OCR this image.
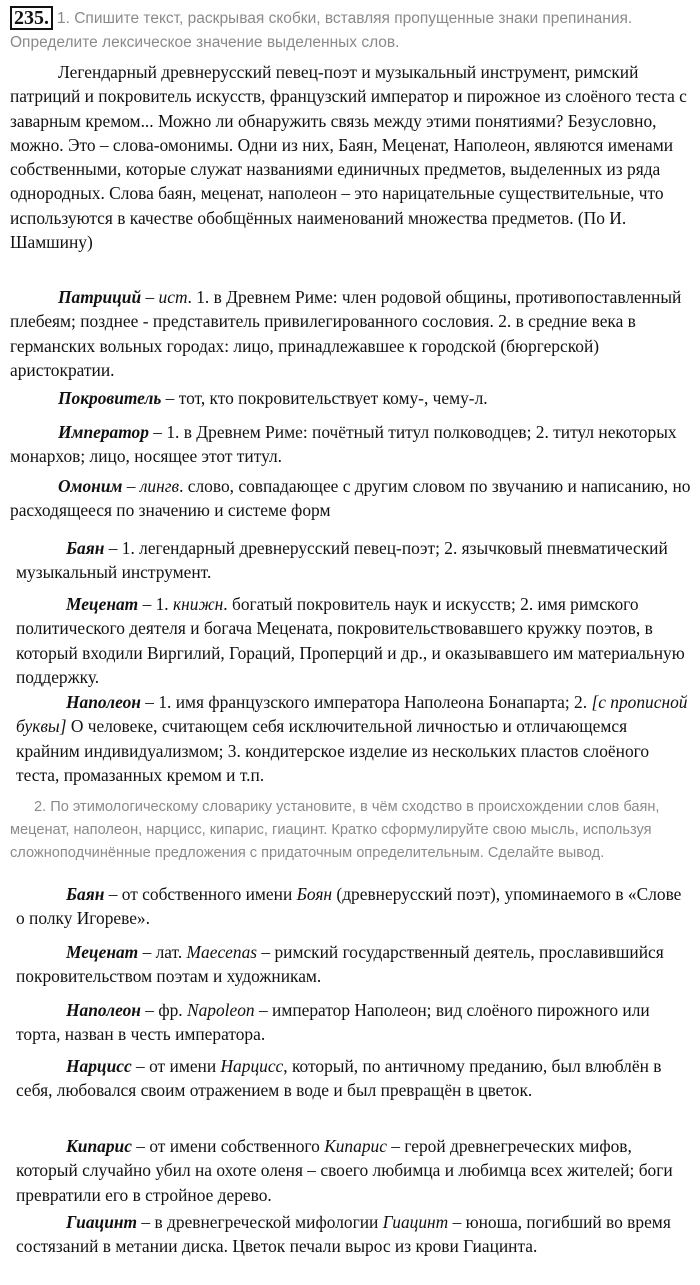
235. 1. Спишите текст, раскрывая скобки, вставляя пропущенные знаки препинания. Определите лексическое значение выделенных слов.
Легендарный древнерусский певец-поэт и музыкальный инструмент, римский патриций и покровитель искусств, французский император и пирожное из слоёного теста с заварным кремом... Можно ли обнаружить связь между этими понятиями? Безусловно, можно. Это – слова-омонимы. Одни из них, Баян, Меценат, Наполеон, являются именами собственными, которые служат названиями единичных предметов, выделенных из ряда однородных. Слова баян, меценат, наполеон – это нарицательные существительные, что используются в качестве обобщённых наименований множества предметов. (По И. Шамшину)
Патриций – ист. 1. в Древнем Риме: член родовой общины, противопоставленный плебеям; позднее - представитель привилегированного сословия. 2. в средние века в германских вольных городах: лицо, принадлежавшее к городской (бюргерской) аристократии.
Покровитель – тот, кто покровительствует кому-, чему-л.
Император – 1. в Древнем Риме: почётный титул полководцев; 2. титул некоторых монархов; лицо, носящее этот титул.
Омоним – лингв. слово, совпадающее с другим словом по звучанию и написанию, но расходящееся по значению и системе форм
Баян – 1. легендарный древнерусский певец-поэт; 2. язычковый пневматический музыкальный инструмент.
Меценат – 1. книжн. богатый покровитель наук и искусств; 2. имя римского политического деятеля и богача Мецената, покровительствовавшего кружку поэтов, в который входили Виргилий, Гораций, Проперций и др., и оказывавшего им материальную поддержку.
Наполеон – 1. имя французского императора Наполеона Бонапарта; 2. [с прописной буквы] О человеке, считающем себя исключительной личностью и отличающемся крайним индивидуализмом; 3. кондитерское изделие из нескольких пластов слоёного теста, промазанных кремом и т.п.
2. По этимологическому словарику установите, в чём сходство в происхождении слов баян, меценат, наполеон, нарцисс, кипарис, гиацинт. Кратко сформулируйте свою мысль, используя сложноподчинённые предложения с придаточным определительным. Сделайте вывод.
Баян – от собственного имени Боян (древнерусский поэт), упоминаемого в «Слове о полку Игореве».
Меценат – лат. Maecenas – римский государственный деятель, прославившийся покровительством поэтам и художникам.
Наполеон – фр. Napoleon – император Наполеон; вид слоёного пирожного или торта, назван в честь императора.
Нарцисс – от имени Нарцисс, который, по античному преданию, был влюблён в себя, любовался своим отражением в воде и был превращён в цветок.
Кипарис – от имени собственного Кипарис – герой древнегреческих мифов, который случайно убил на охоте оленя – своего любимца и любимца всех жителей; боги превратили его в стройное дерево.
Гиацинт – в древнегреческой мифологии Гиацинт – юноша, погибший во время состязаний в метании диска. Цветок печали вырос из крови Гиацинта.
